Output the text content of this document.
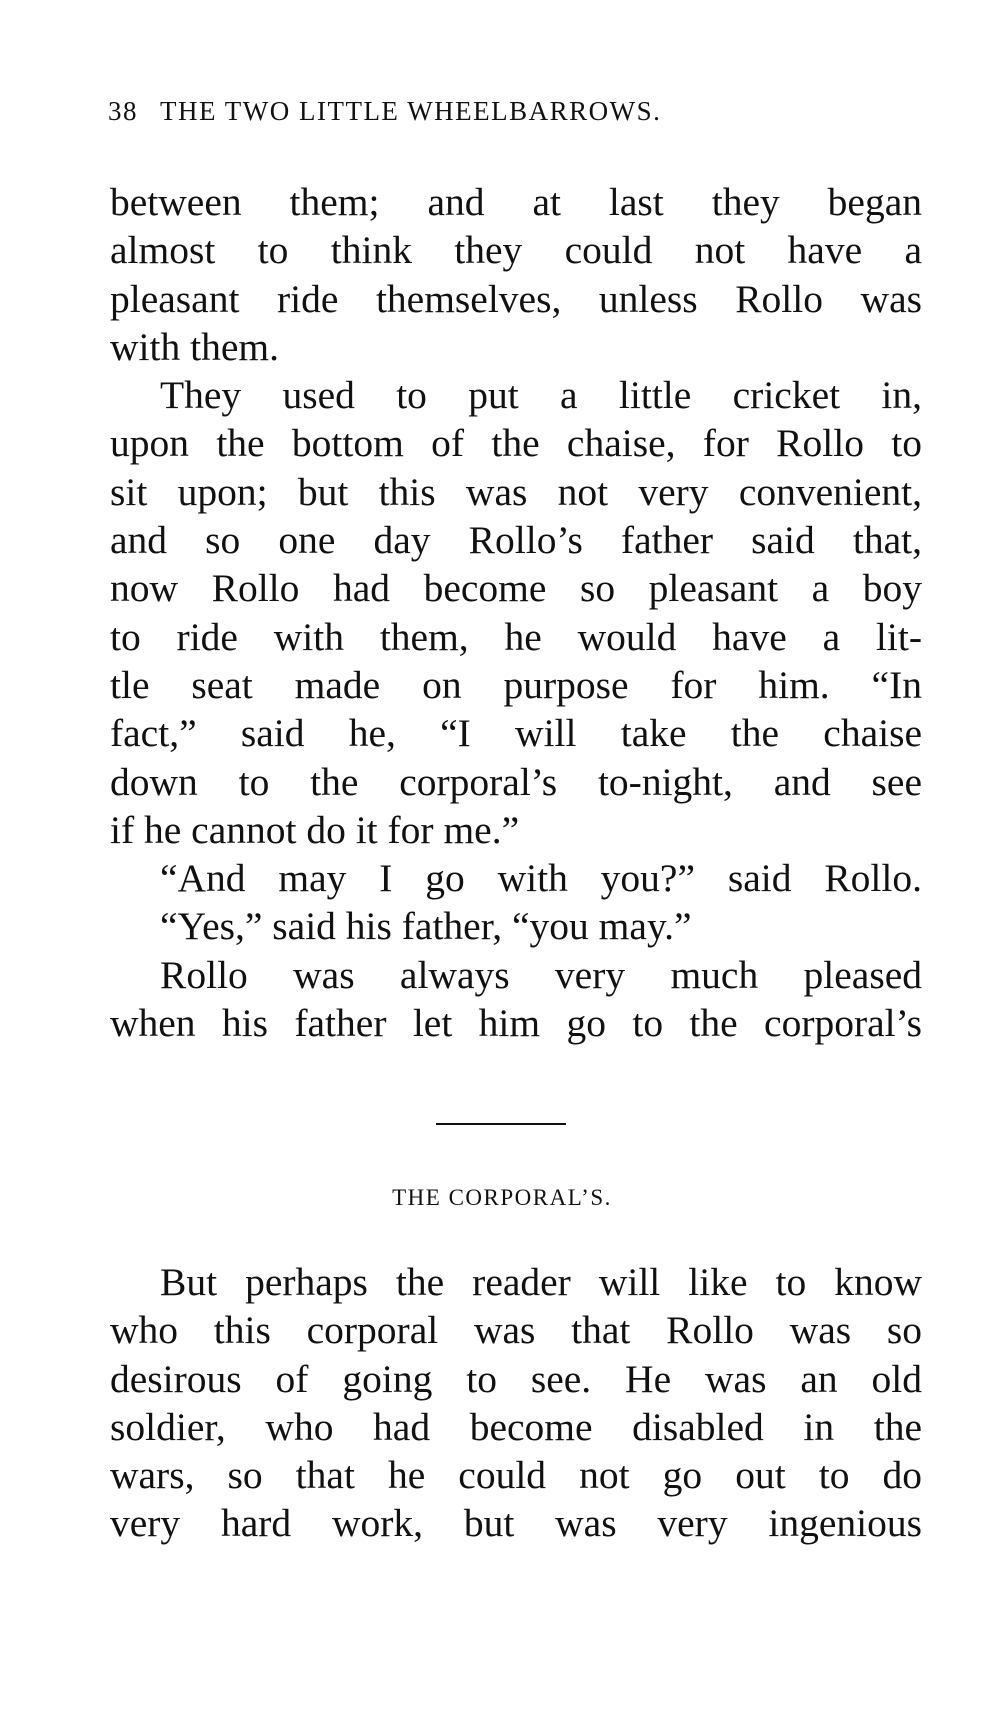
38 THE TWO LITTLE WHEELBARROWS.
between them; and at last they began
almost to think they could not have a
pleasant ride themselves, unless Rollo was
with them.
They used to put a little cricket in,
upon the bottom of the chaise, for Rollo to
sit upon; but this was not very convenient,
and so one day Rollo’s father said that,
now Rollo had become so pleasant a boy
to ride with them, he would have a lit-
tle seat made on purpose for him. “In
fact,” said he, “I will take the chaise
down to the corporal’s to-night, and see
if he cannot do it for me.”
“And may I go with you?” said Rollo.
“Yes,” said his father, “you may.”
Rollo was always very much pleased
when his father let him go to the corporal’s
THE CORPORAL’S.
But perhaps the reader will like to know
who this corporal was that Rollo was so
desirous of going to see. He was an old
soldier, who had become disabled in the
wars, so that he could not go out to do
very hard work, but was very ingenious
